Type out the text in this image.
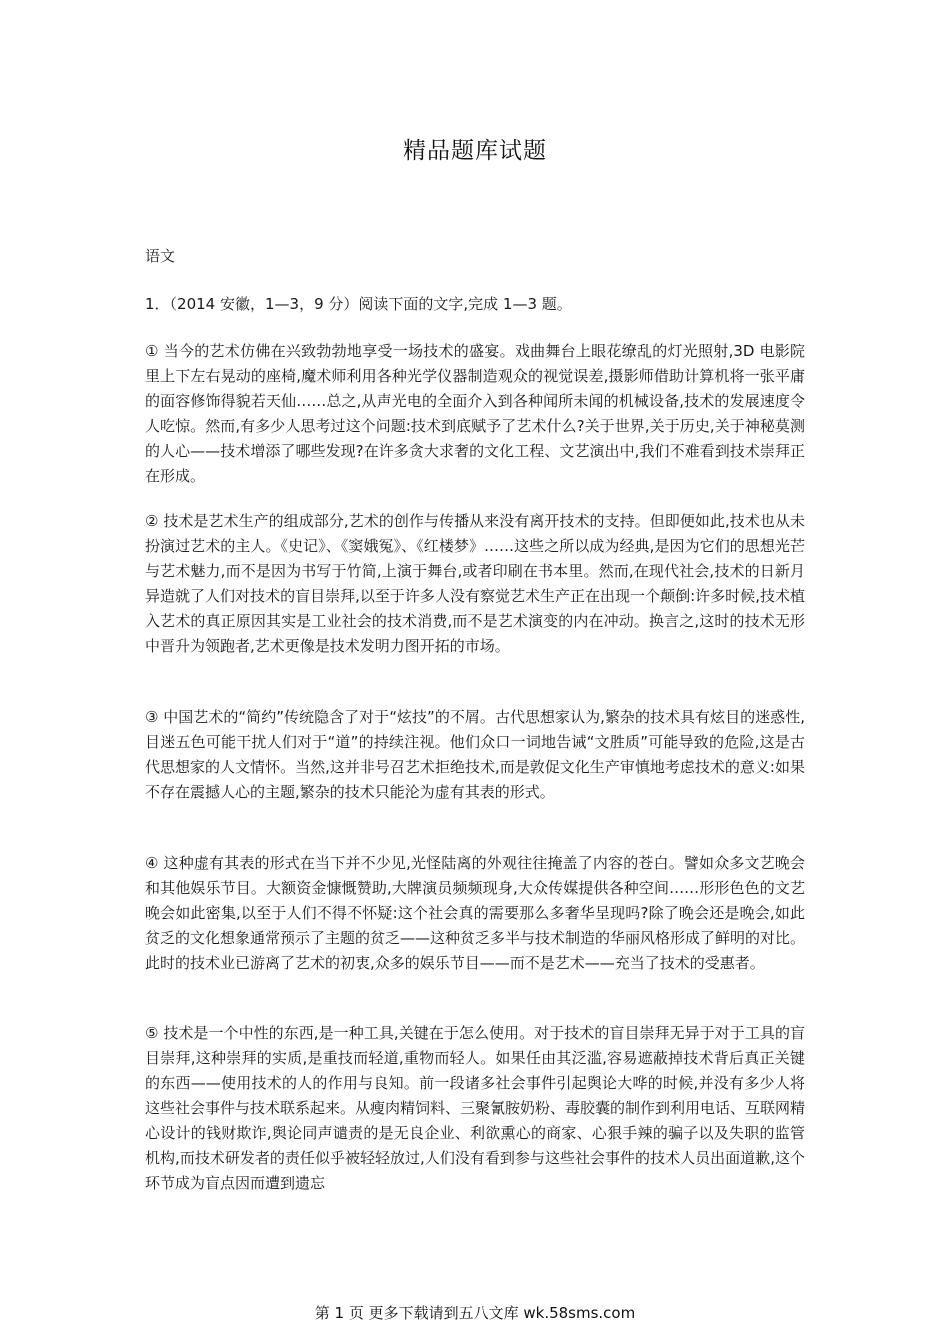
精品题库试题

语文

1．（2014 安徽，1—3，9 分）阅读下面的文字,完成 1—3 题。

① 当今的艺术仿佛在兴致勃勃地享受一场技术的盛宴。戏曲舞台上眼花缭乱的灯光照射,3D 电影院里上下左右晃动的座椅,魔术师利用各种光学仪器制造观众的视觉误差,摄影师借助计算机将一张平庸的面容修饰得貌若天仙……总之,从声光电的全面介入到各种闻所未闻的机械设备,技术的发展速度令人吃惊。然而,有多少人思考过这个问题:技术到底赋予了艺术什么?关于世界,关于历史,关于神秘莫测的人心——技术增添了哪些发现?在许多贪大求奢的文化工程、文艺演出中,我们不难看到技术崇拜正在形成。

② 技术是艺术生产的组成部分,艺术的创作与传播从来没有离开技术的支持。但即便如此,技术也从未扮演过艺术的主人。《史记》、《窦娥冤》、《红楼梦》……这些之所以成为经典,是因为它们的思想光芒与艺术魅力,而不是因为书写于竹简,上演于舞台,或者印刷在书本里。然而,在现代社会,技术的日新月异造就了人们对技术的盲目崇拜,以至于许多人没有察觉艺术生产正在出现一个颠倒:许多时候,技术植入艺术的真正原因其实是工业社会的技术消费,而不是艺术演变的内在冲动。换言之,这时的技术无形中晋升为领跑者,艺术更像是技术发明力图开拓的市场。

③ 中国艺术的“简约”传统隐含了对于“炫技”的不屑。古代思想家认为,繁杂的技术具有炫目的迷惑性,目迷五色可能干扰人们对于“道”的持续注视。他们众口一词地告诫“文胜质”可能导致的危险,这是古代思想家的人文情怀。当然,这并非号召艺术拒绝技术,而是敦促文化生产审慎地考虑技术的意义:如果不存在震撼人心的主题,繁杂的技术只能沦为虚有其表的形式。

④ 这种虚有其表的形式在当下并不少见,光怪陆离的外观往往掩盖了内容的苍白。譬如众多文艺晚会和其他娱乐节目。大额资金慷慨赞助,大牌演员频频现身,大众传媒提供各种空间……形形色色的文艺晚会如此密集,以至于人们不得不怀疑:这个社会真的需要那么多奢华呈现吗?除了晚会还是晚会,如此贫乏的文化想象通常预示了主题的贫乏——这种贫乏多半与技术制造的华丽风格形成了鲜明的对比。此时的技术业已游离了艺术的初衷,众多的娱乐节目——而不是艺术——充当了技术的受惠者。

⑤ 技术是一个中性的东西,是一种工具,关键在于怎么使用。对于技术的盲目崇拜无异于对于工具的盲目崇拜,这种崇拜的实质,是重技而轻道,重物而轻人。如果任由其泛滥,容易遮蔽掉技术背后真正关键的东西——使用技术的人的作用与良知。前一段诸多社会事件引起舆论大哗的时候,并没有多少人将这些社会事件与技术联系起来。从瘦肉精饲料、三聚氰胺奶粉、毒胶囊的制作到利用电话、互联网精心设计的钱财欺诈,舆论同声谴责的是无良企业、利欲熏心的商家、心狠手辣的骗子以及失职的监管机构,而技术研发者的责任似乎被轻轻放过,人们没有看到参与这些社会事件的技术人员出面道歉,这个环节成为盲点因而遭到遗忘

第 1 页 更多下载请到五八文库 wk.58sms.com
